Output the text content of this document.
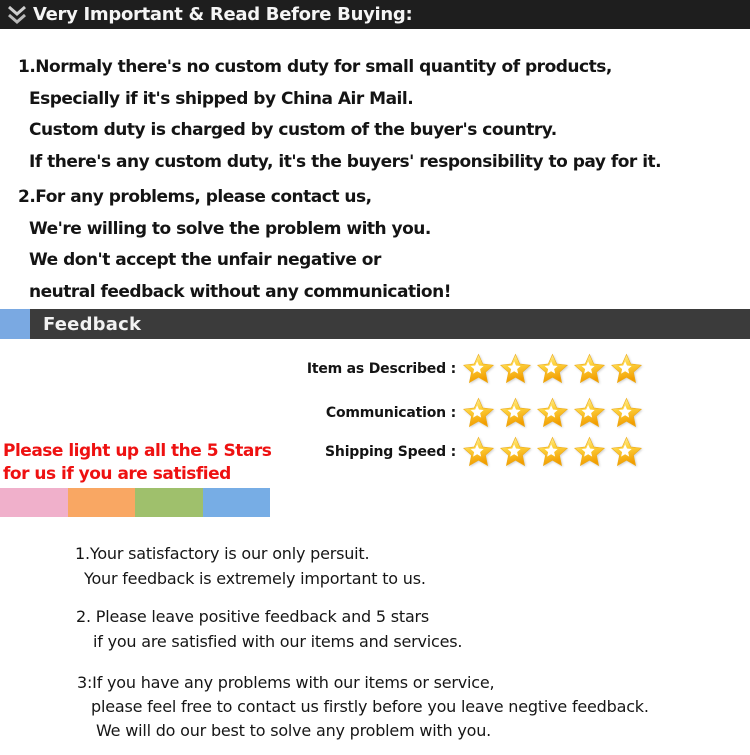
Very Important & Read Before Buying:
1.Normaly there's no custom duty for small quantity of products,
Especially if it's shipped by China Air Mail.
Custom duty is charged by custom of the buyer's country.
If there's any custom duty, it's the buyers' responsibility to pay for it.
2.For any problems, please contact us,
We're willing to solve the problem with you.
We don't accept the unfair negative or
neutral feedback without any communication!
Feedback
Item as Described :
Communication :
Shipping Speed :
Please light up all the 5 Stars
for us if you are satisfied
1.Your satisfactory is our only persuit.
Your feedback is extremely important to us.
2. Please leave positive feedback and 5 stars
if you are satisfied with our items and services.
3:If you have any problems with our items or service,
please feel free to contact us firstly before you leave negtive feedback.
We will do our best to solve any problem with you.
